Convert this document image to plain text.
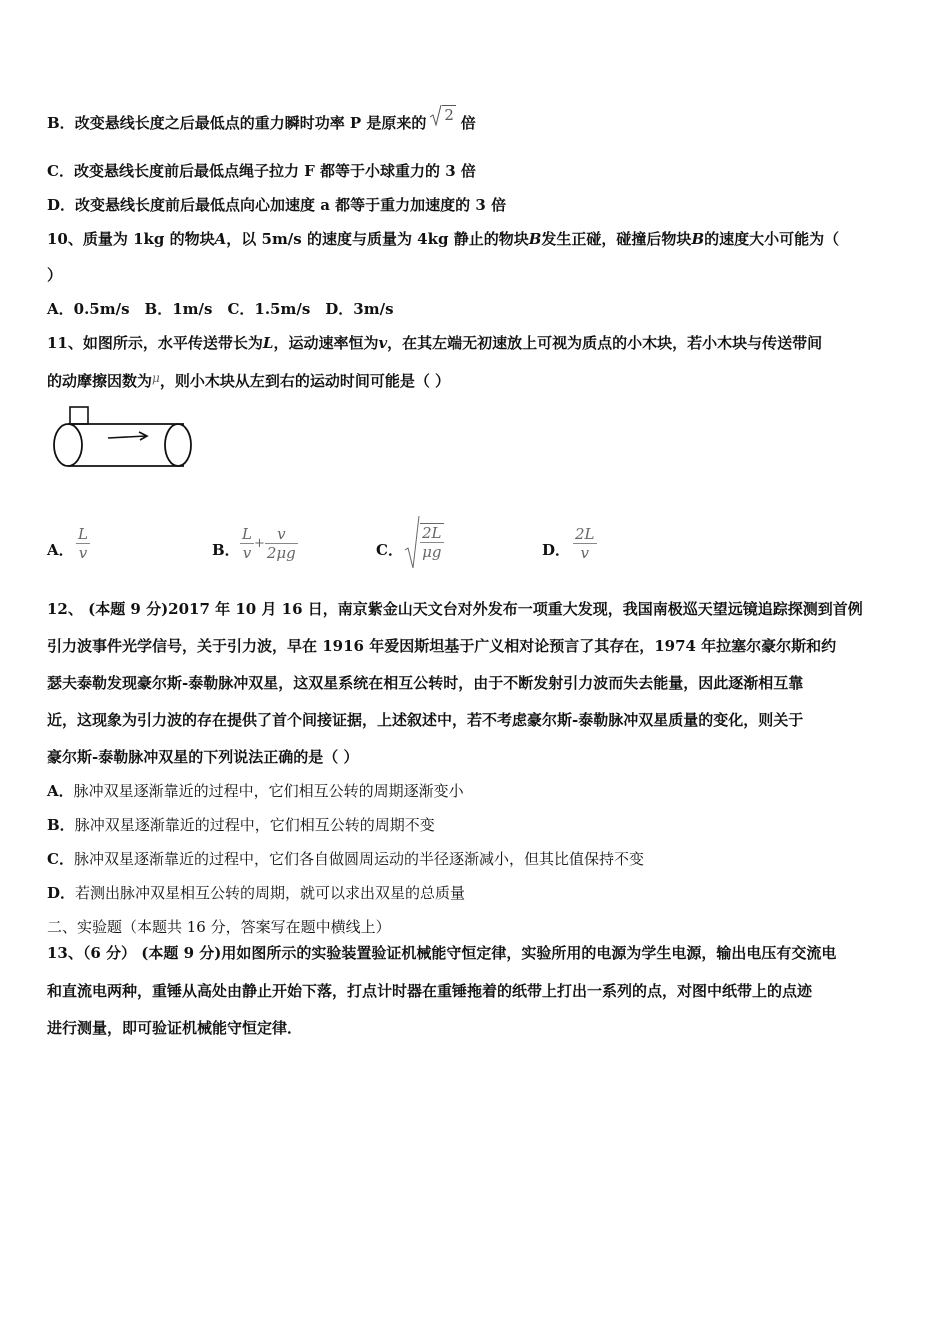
B．改变悬线长度之后最低点的重力瞬时功率 P 是原来的 2 倍
C．改变悬线长度前后最低点绳子拉力 F 都等于小球重力的 3 倍
D．改变悬线长度前后最低点向心加速度 a 都等于重力加速度的 3 倍
10、质量为 1kg 的物块A，以 5m/s 的速度与质量为 4kg 静止的物块B发生正碰，碰撞后物块B的速度大小可能为（
）
A．0.5m/s　B．1m/s　C．1.5m/s　D．3m/s
11、如图所示，水平传送带长为L，运动速率恒为v，在其左端无初速放上可视为质点的小木块，若小木块与传送带间
的动摩擦因数为$^\mu$，则小木块从左到右的运动时间可能是（ ）
A． $\frac{L}{v}$	B． $\frac{L}{v} + \frac{v}{2\mu g}$	C． $\frac{2L}{\mu g}$	D． $\frac{2L}{v}$
12、 (本题 9 分)2017 年 10 月 16 日，南京紫金山天文台对外发布一项重大发现，我国南极巡天望远镜追踪探测到首例
引力波事件光学信号，关于引力波，早在 1916 年爱因斯坦基于广义相对论预言了其存在，1974 年拉塞尔豪尔斯和约
瑟夫泰勒发现豪尔斯-泰勒脉冲双星，这双星系统在相互公转时，由于不断发射引力波而失去能量，因此逐渐相互靠
近，这现象为引力波的存在提供了首个间接证据，上述叙述中，若不考虑豪尔斯-泰勒脉冲双星质量的变化，则关于
豪尔斯-泰勒脉冲双星的下列说法正确的是（ ）
A．脉冲双星逐渐靠近的过程中，它们相互公转的周期逐渐变小
B．脉冲双星逐渐靠近的过程中，它们相互公转的周期不变
C．脉冲双星逐渐靠近的过程中，它们各自做圆周运动的半径逐渐减小，但其比值保持不变
D．若测出脉冲双星相互公转的周期，就可以求出双星的总质量
二、实验题（本题共 16 分，答案写在题中横线上）
13、（6 分） (本题 9 分)用如图所示的实验装置验证机械能守恒定律，实验所用的电源为学生电源，输出电压有交流电
和直流电两种，重锤从高处由静止开始下落，打点计时器在重锤拖着的纸带上打出一系列的点，对图中纸带上的点迹
进行测量，即可验证机械能守恒定律．
